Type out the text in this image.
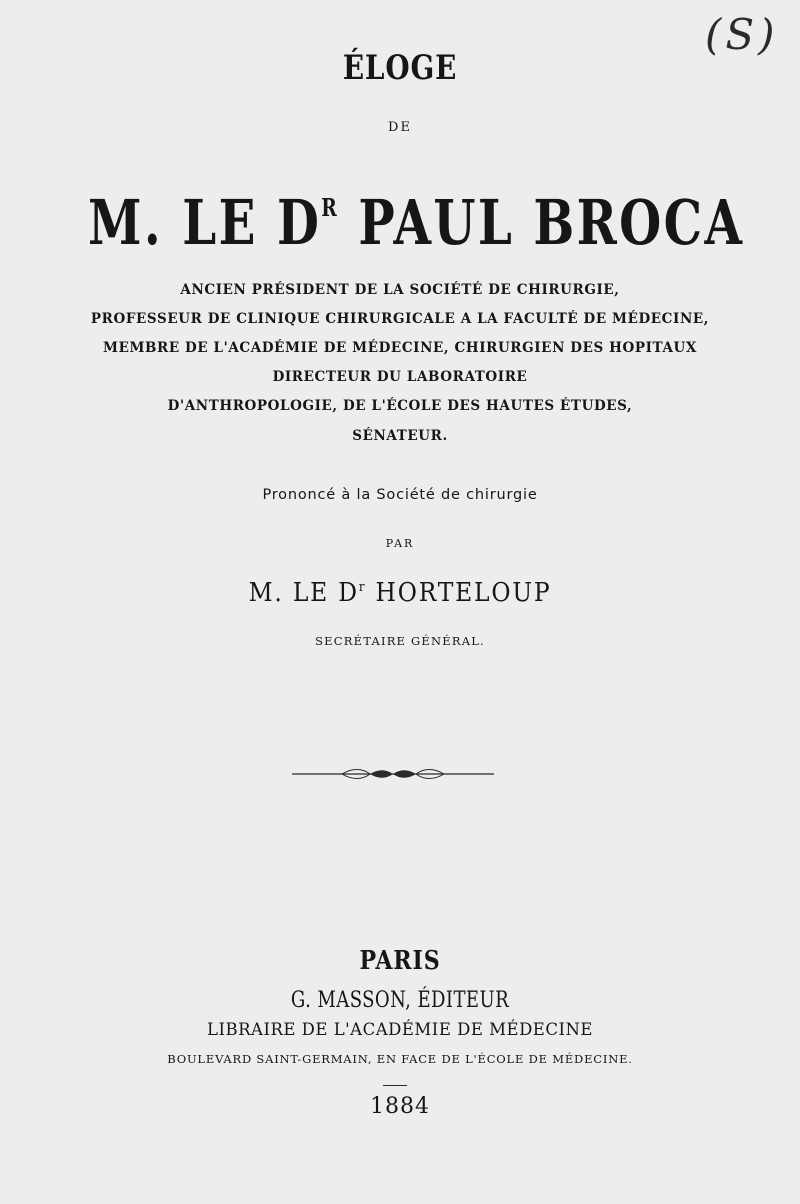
(S)
ÉLOGE
DE
M. LE $D^R$ PAUL BROCA
ANCIEN PRÉSIDENT DE LA SOCIÉTÉ DE CHIRURGIE,
PROFESSEUR DE CLINIQUE CHIRURGICALE A LA FACULTÉ DE MÉDECINE,
MEMBRE DE L'ACADÉMIE DE MÉDECINE, CHIRURGIEN DES HOPITAUX
DIRECTEUR DU LABORATOIRE
D'ANTHROPOLOGIE, DE L'ÉCOLE DES HAUTES ÉTUDES,
SÉNATEUR.
Prononcé à la Société de chirurgie
PAR
M. LE $D^r$ HORTELOUP
SECRÉTAIRE GÉNÉRAL.
PARIS
G. MASSON, ÉDITEUR
LIBRAIRE DE L'ACADÉMIE DE MÉDECINE
BOULEVARD SAINT-GERMAIN, EN FACE DE L'ÉCOLE DE MÉDECINE.
1884
